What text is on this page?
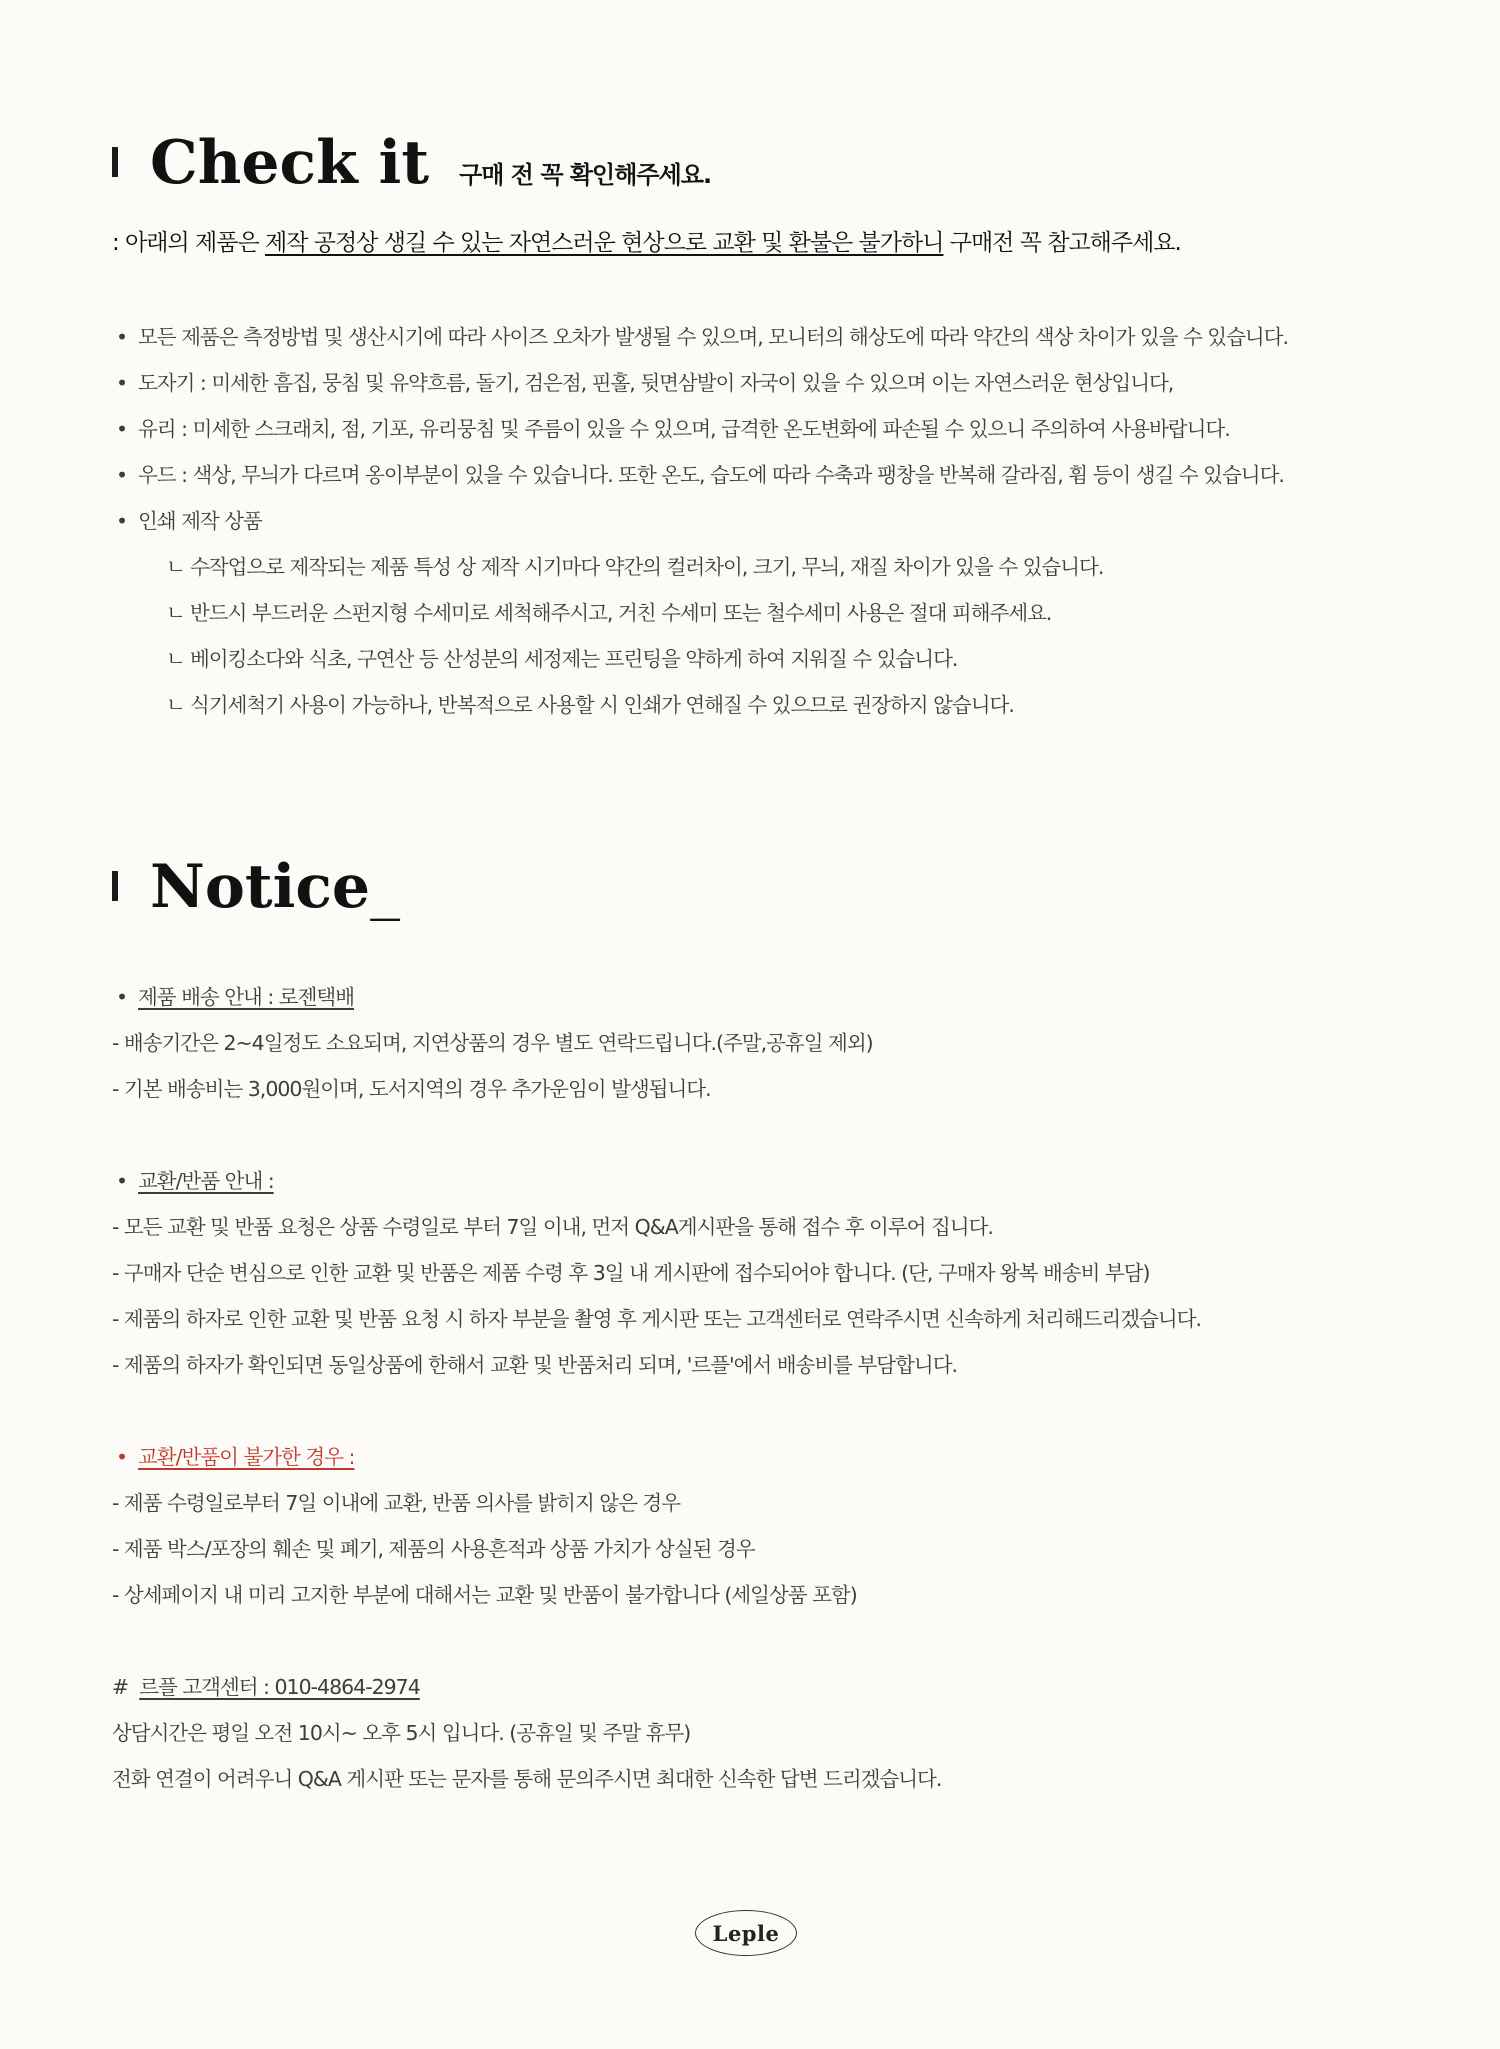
Check it 구매 전 꼭 확인해주세요.
: 아래의 제품은 제작 공정상 생길 수 있는 자연스러운 현상으로 교환 및 환불은 불가하니 구매전 꼭 참고해주세요.
• 모든 제품은 측정방법 및 생산시기에 따라 사이즈 오차가 발생될 수 있으며, 모니터의 해상도에 따라 약간의 색상 차이가 있을 수 있습니다.
• 도자기 : 미세한 흠집, 뭉침 및 유약흐름, 돌기, 검은점, 핀홀, 뒷면삼발이 자국이 있을 수 있으며 이는 자연스러운 현상입니다,
• 유리 : 미세한 스크래치, 점, 기포, 유리뭉침 및 주름이 있을 수 있으며, 급격한 온도변화에 파손될 수 있으니 주의하여 사용바랍니다.
• 우드 : 색상, 무늬가 다르며 옹이부분이 있을 수 있습니다. 또한 온도, 습도에 따라 수축과 팽창을 반복해 갈라짐, 휨 등이 생길 수 있습니다.
• 인쇄 제작 상품
ㄴ 수작업으로 제작되는 제품 특성 상 제작 시기마다 약간의 컬러차이, 크기, 무늬, 재질 차이가 있을 수 있습니다.
ㄴ 반드시 부드러운 스펀지형 수세미로 세척해주시고, 거친 수세미 또는 철수세미 사용은 절대 피해주세요.
ㄴ 베이킹소다와 식초, 구연산 등 산성분의 세정제는 프린팅을 약하게 하여 지워질 수 있습니다.
ㄴ 식기세척기 사용이 가능하나, 반복적으로 사용할 시 인쇄가 연해질 수 있으므로 권장하지 않습니다.
Notice _
• 제품 배송 안내 : 로젠택배
- 배송기간은 2~4일정도 소요되며, 지연상품의 경우 별도 연락드립니다.(주말,공휴일 제외)
- 기본 배송비는 3,000원이며, 도서지역의 경우 추가운임이 발생됩니다.
• 교환/반품 안내 :
- 모든 교환 및 반품 요청은 상품 수령일로 부터 7일 이내, 먼저 Q&A게시판을 통해 접수 후 이루어 집니다.
- 구매자 단순 변심으로 인한 교환 및 반품은 제품 수령 후 3일 내 게시판에 접수되어야 합니다. (단, 구매자 왕복 배송비 부담)
- 제품의 하자로 인한 교환 및 반품 요청 시 하자 부분을 촬영 후 게시판 또는 고객센터로 연락주시면 신속하게 처리해드리겠습니다.
- 제품의 하자가 확인되면 동일상품에 한해서 교환 및 반품처리 되며, '르플'에서 배송비를 부담합니다.
• 교환/반품이 불가한 경우 :
- 제품 수령일로부터 7일 이내에 교환, 반품 의사를 밝히지 않은 경우
- 제품 박스/포장의 훼손 및 폐기, 제품의 사용흔적과 상품 가치가 상실된 경우
- 상세페이지 내 미리 고지한 부분에 대해서는 교환 및 반품이 불가합니다 (세일상품 포함)
# 르플 고객센터 : 010-4864-2974
상담시간은 평일 오전 10시~ 오후 5시 입니다. (공휴일 및 주말 휴무)
전화 연결이 어려우니 Q&A 게시판 또는 문자를 통해 문의주시면 최대한 신속한 답변 드리겠습니다.
Leple
